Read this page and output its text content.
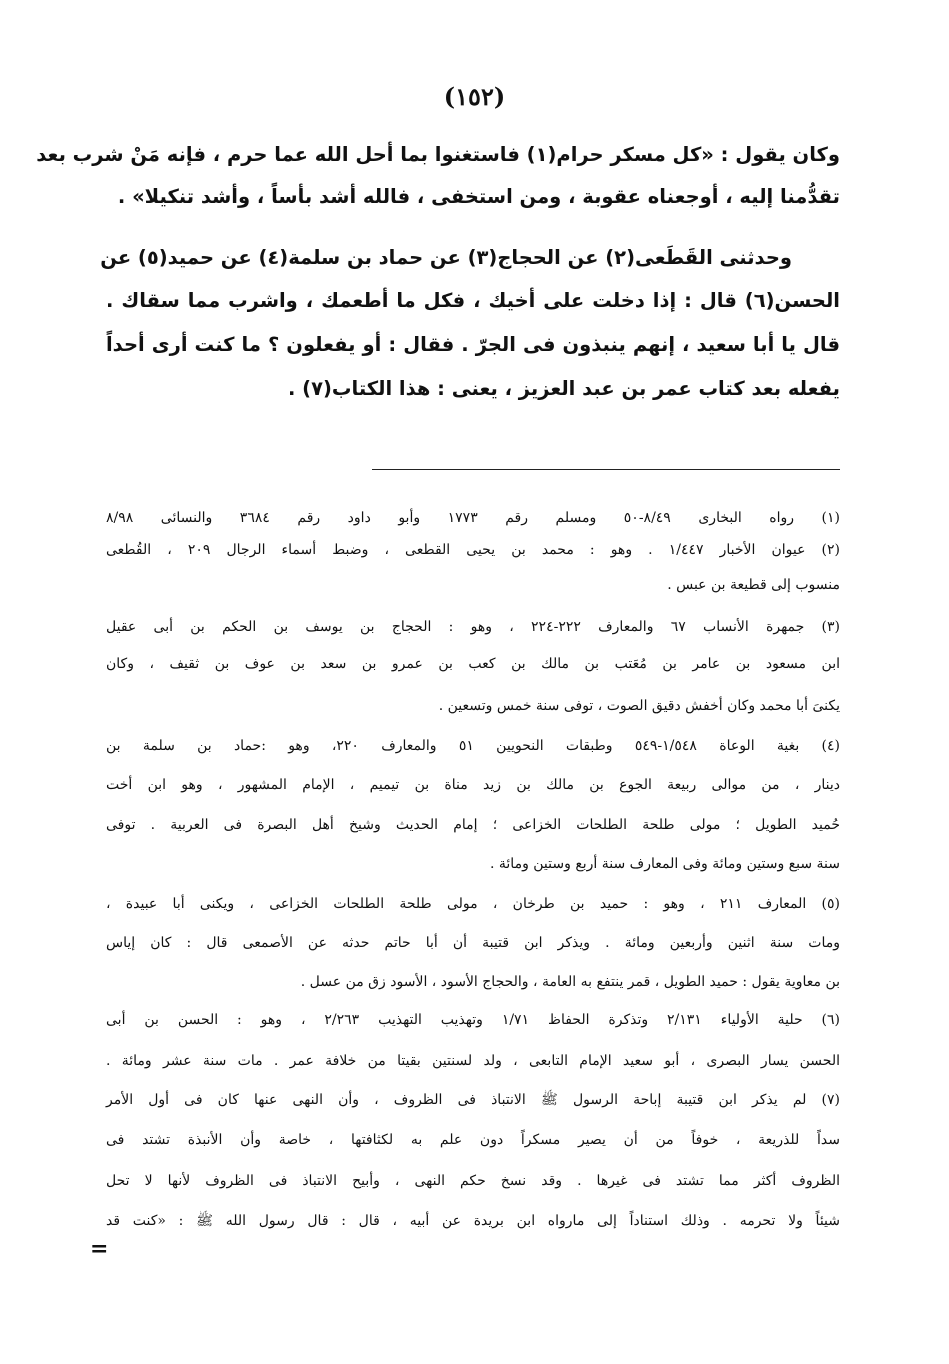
(١٥٢)
وكان يقول : «كل مسكر حرام(١) فاستغنوا بما أحل الله عما حرم ، فإنه مَنْ شرب بعد
تقدُّمنا إليه ، أوجعناه عقوبة ، ومن استخفى ، فالله أشد بأساً ، وأشد تنكيلا» .
وحدثنى القَطَعى(٢) عن الحجاج(٣) عن حماد بن سلمة(٤) عن حميد(٥) عن
الحسن(٦) قال : إذا دخلت على أخيك ، فكل ما أطعمك ، واشرب مما سقاك .
قال يا أبا سعيد ، إنهم ينبذون فى الجرّ . فقال : أو يفعلون ؟ ما كنت أرى أحداً
يفعله بعد كتاب عمر بن عبد العزيز ، يعنى : هذا الكتاب(٧) .
(١) رواه البخارى ٨/٤٩-٥٠ ومسلم رقم ١٧٧٣ وأبو داود رقم ٣٦٨٤ والنسائى ٨/٩٨
(٢) عيوان الأخبار ١/٤٤٧ . وهو : محمد بن يحيى القطعى ، وضبط أسماء الرجال ٢٠٩ ، القُطعى
منسوب إلى قطيعة بن عبس .
(٣) جمهرة الأنساب ٦٧ والمعارف ٢٢٢-٢٢٤ ، وهو : الحجاج بن يوسف بن الحكم بن أبى عقيل
ابن مسعود بن عامر بن مُعَتب بن مالك بن كعب بن عمرو بن سعد بن عوف بن ثقيف ، وكان
يكنىَ أبا محمد وكان أخفش دقيق الصوت ، توفى سنة خمس وتسعين .
(٤) بغية الوعاة ١/٥٤٨-٥٤٩ وطبقات النحويين ٥١ والمعارف ٢٢٠، وهو :حماد بن سلمة بن
دينار ، من موالى ربيعة الجوع بن مالك بن زيد مناة بن تيميم ، الإمام المشهور ، وهو ابن أخت
حُميد الطويل ؛ مولى طلحة الطلحات الخزاعى ؛ إمام الحديث وشيخ أهل البصرة فى العربية . توفى
سنة سبع وستين ومائة وفى المعارف سنة أربع وستين ومائة .
(٥) المعارف ٢١١ ، وهو : حميد بن طرخان ، مولى طلحة الطلحات الخزاعى ، ويكنى أبا عبيدة ،
ومات سنة اثنين وأربعين ومائة . ويذكر ابن قتيبة أن أبا حاتم حدثه عن الأصمعى قال : كان إياس
بن معاوية يقول : حميد الطويل ، قمر ينتفع به العامة ، والحجاج الأسود ، الأسود زق من عسل .
(٦) حلية الأولياء ٢/١٣١ وتذكرة الحفاظ ١/٧١ وتهذيب التهذيب ٢/٢٦٣ ، وهو : الحسن بن أبى
الحسن يسار البصرى ، أبو سعيد الإمام التابعى ، ولد لسنتين بقيتا من خلافة عمر . مات سنة عشر ومائة .
(٧) لم يذكر ابن قتيبة إباحة الرسول ﷺ الانتباذ فى الظروف ، وأن النهى عنها كان فى أول الأمر
سداً للذريعة ، خوفاً من أن يصير مسكراً دون علم به لكثافتها ، خاصة وأن الأنبذة تشتد فى
الظروف أكثر مما تشتد فى غيرها . وقد نسخ حكم النهى ، وأبيح الانتباذ فى الظروف لأنها لا تحل
شيئاً ولا تحرمه . وذلك استناداً إلى مارواه ابن بريدة عن أبيه ، قال : قال رسول الله ﷺ : «كنت قد
=
